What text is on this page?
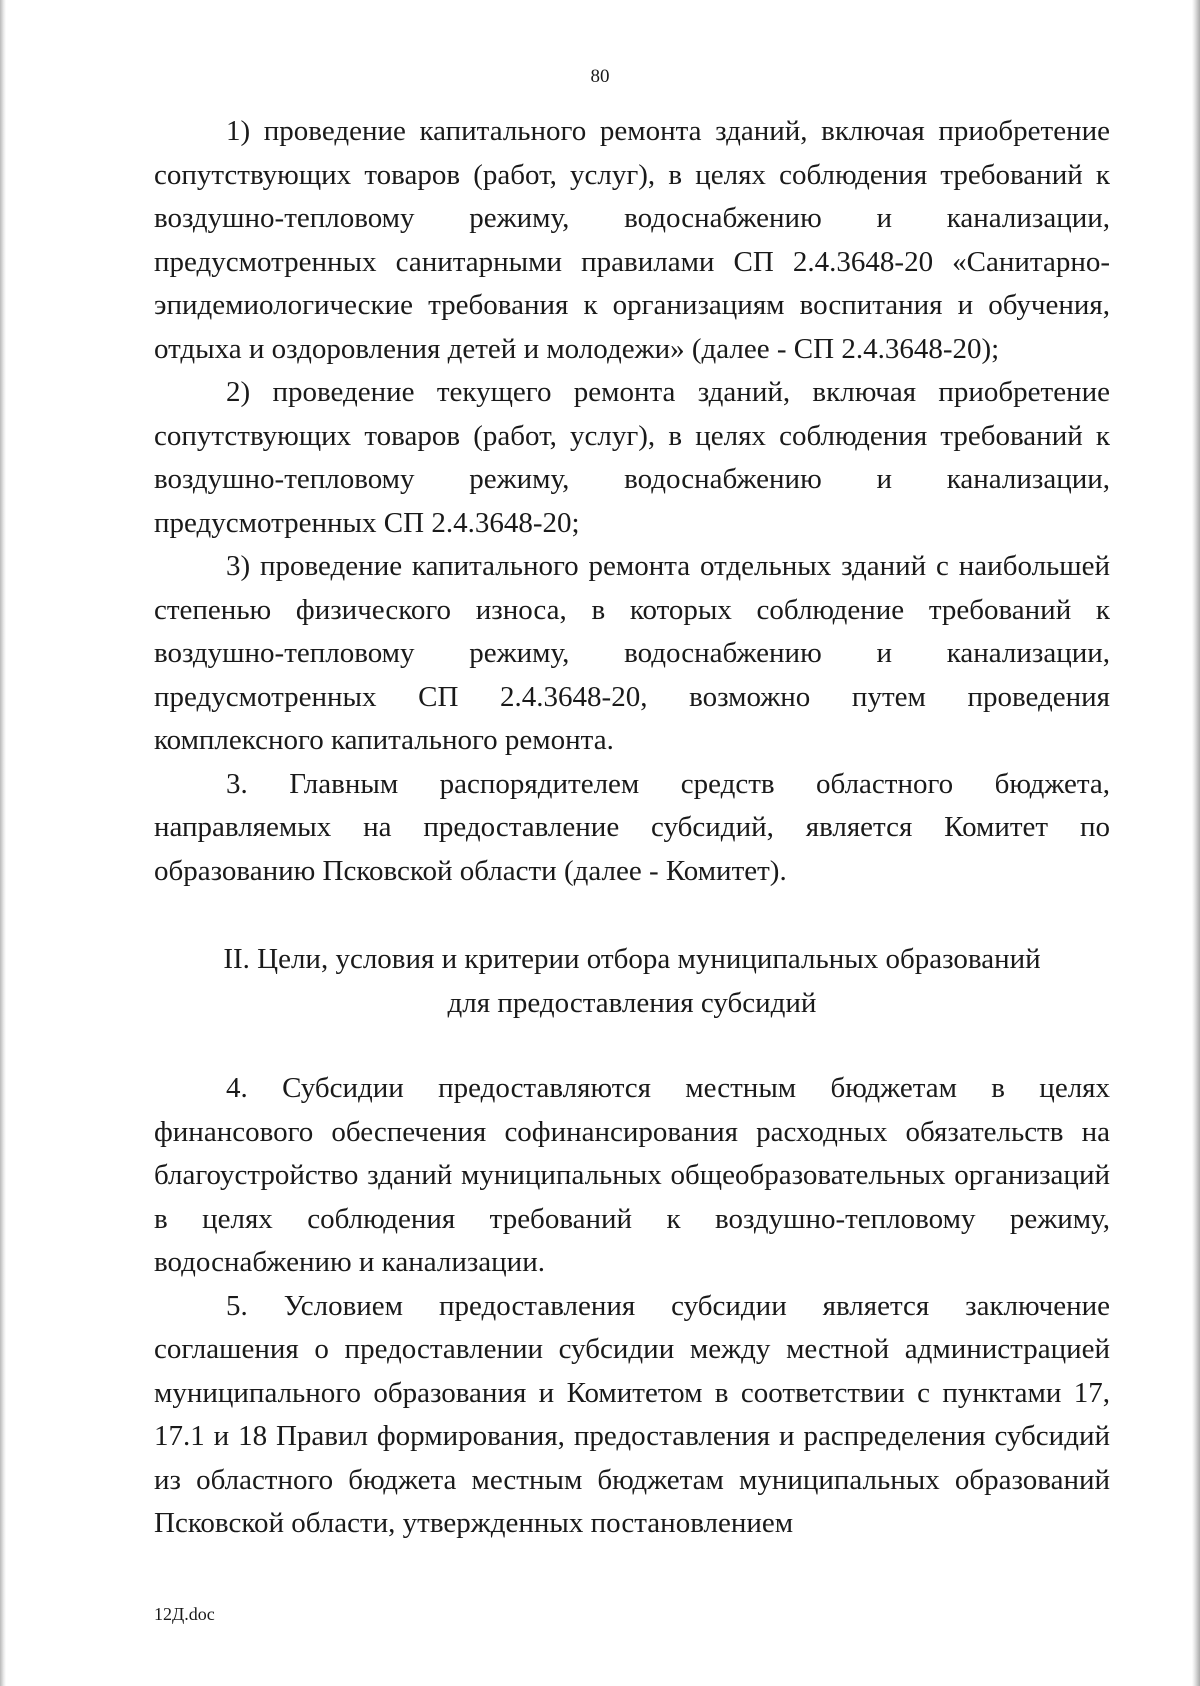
80

1) проведение капитального ремонта зданий, включая приобретение сопутствующих товаров (работ, услуг), в целях соблюдения требований к воздушно-тепловому режиму, водоснабжению и канализации, предусмотренных санитарными правилами СП 2.4.3648-20 «Санитарно-эпидемиологические требования к организациям воспитания и обучения, отдыха и оздоровления детей и молодежи» (далее - СП 2.4.3648-20);

2) проведение текущего ремонта зданий, включая приобретение сопутствующих товаров (работ, услуг), в целях соблюдения требований к воздушно-тепловому режиму, водоснабжению и канализации, предусмотренных СП 2.4.3648-20;

3) проведение капитального ремонта отдельных зданий с наибольшей степенью физического износа, в которых соблюдение требований к воздушно-тепловому режиму, водоснабжению и канализации, предусмотренных СП 2.4.3648-20, возможно путем проведения комплексного капитального ремонта.

3. Главным распорядителем средств областного бюджета, направляемых на предоставление субсидий, является Комитет по образованию Псковской области (далее - Комитет).

II. Цели, условия и критерии отбора муниципальных образований
для предоставления субсидий

4. Субсидии предоставляются местным бюджетам в целях финансового обеспечения софинансирования расходных обязательств на благоустройство зданий муниципальных общеобразовательных организаций в целях соблюдения требований к воздушно-тепловому режиму, водоснабжению и канализации.

5. Условием предоставления субсидии является заключение соглашения о предоставлении субсидии между местной администрацией муниципального образования и Комитетом в соответствии с пунктами 17, 17.1 и 18 Правил формирования, предоставления и распределения субсидий из областного бюджета местным бюджетам муниципальных образований Псковской области, утвержденных постановлением

12Д.doc
